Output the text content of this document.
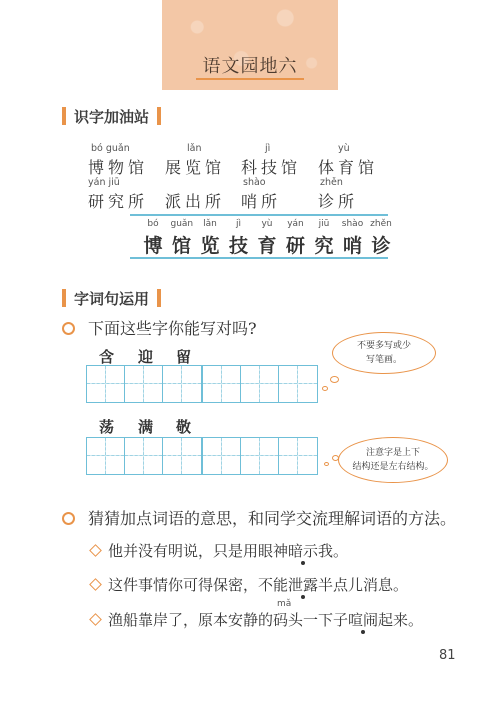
语文园地六
识字加油站
bó guǎn
博物馆
lǎn
展览馆
jì
科技馆
yù
体育馆
yán jiū
研究所 派出所
shào
哨所
zhěn
诊所
bó
博
guǎn
馆
lǎn
览
jì
技
yù
育
yán
研
jiū
究
shào
哨
zhěn
诊
字词句运用
下面这些字你能写对吗?
含 迎 留
不要多写或少
写笔画。
荡 满 敬
注意字是上下
结构还是左右结构。
猜猜加点词语的意思，和同学交流理解词语的方法。
他并没有明说，只是用眼神暗示我。
这件事情你可得保密，不能泄露半点儿消息。
mǎ
渔船靠岸了，原本安静的码头一下子喧闹起来。
81
